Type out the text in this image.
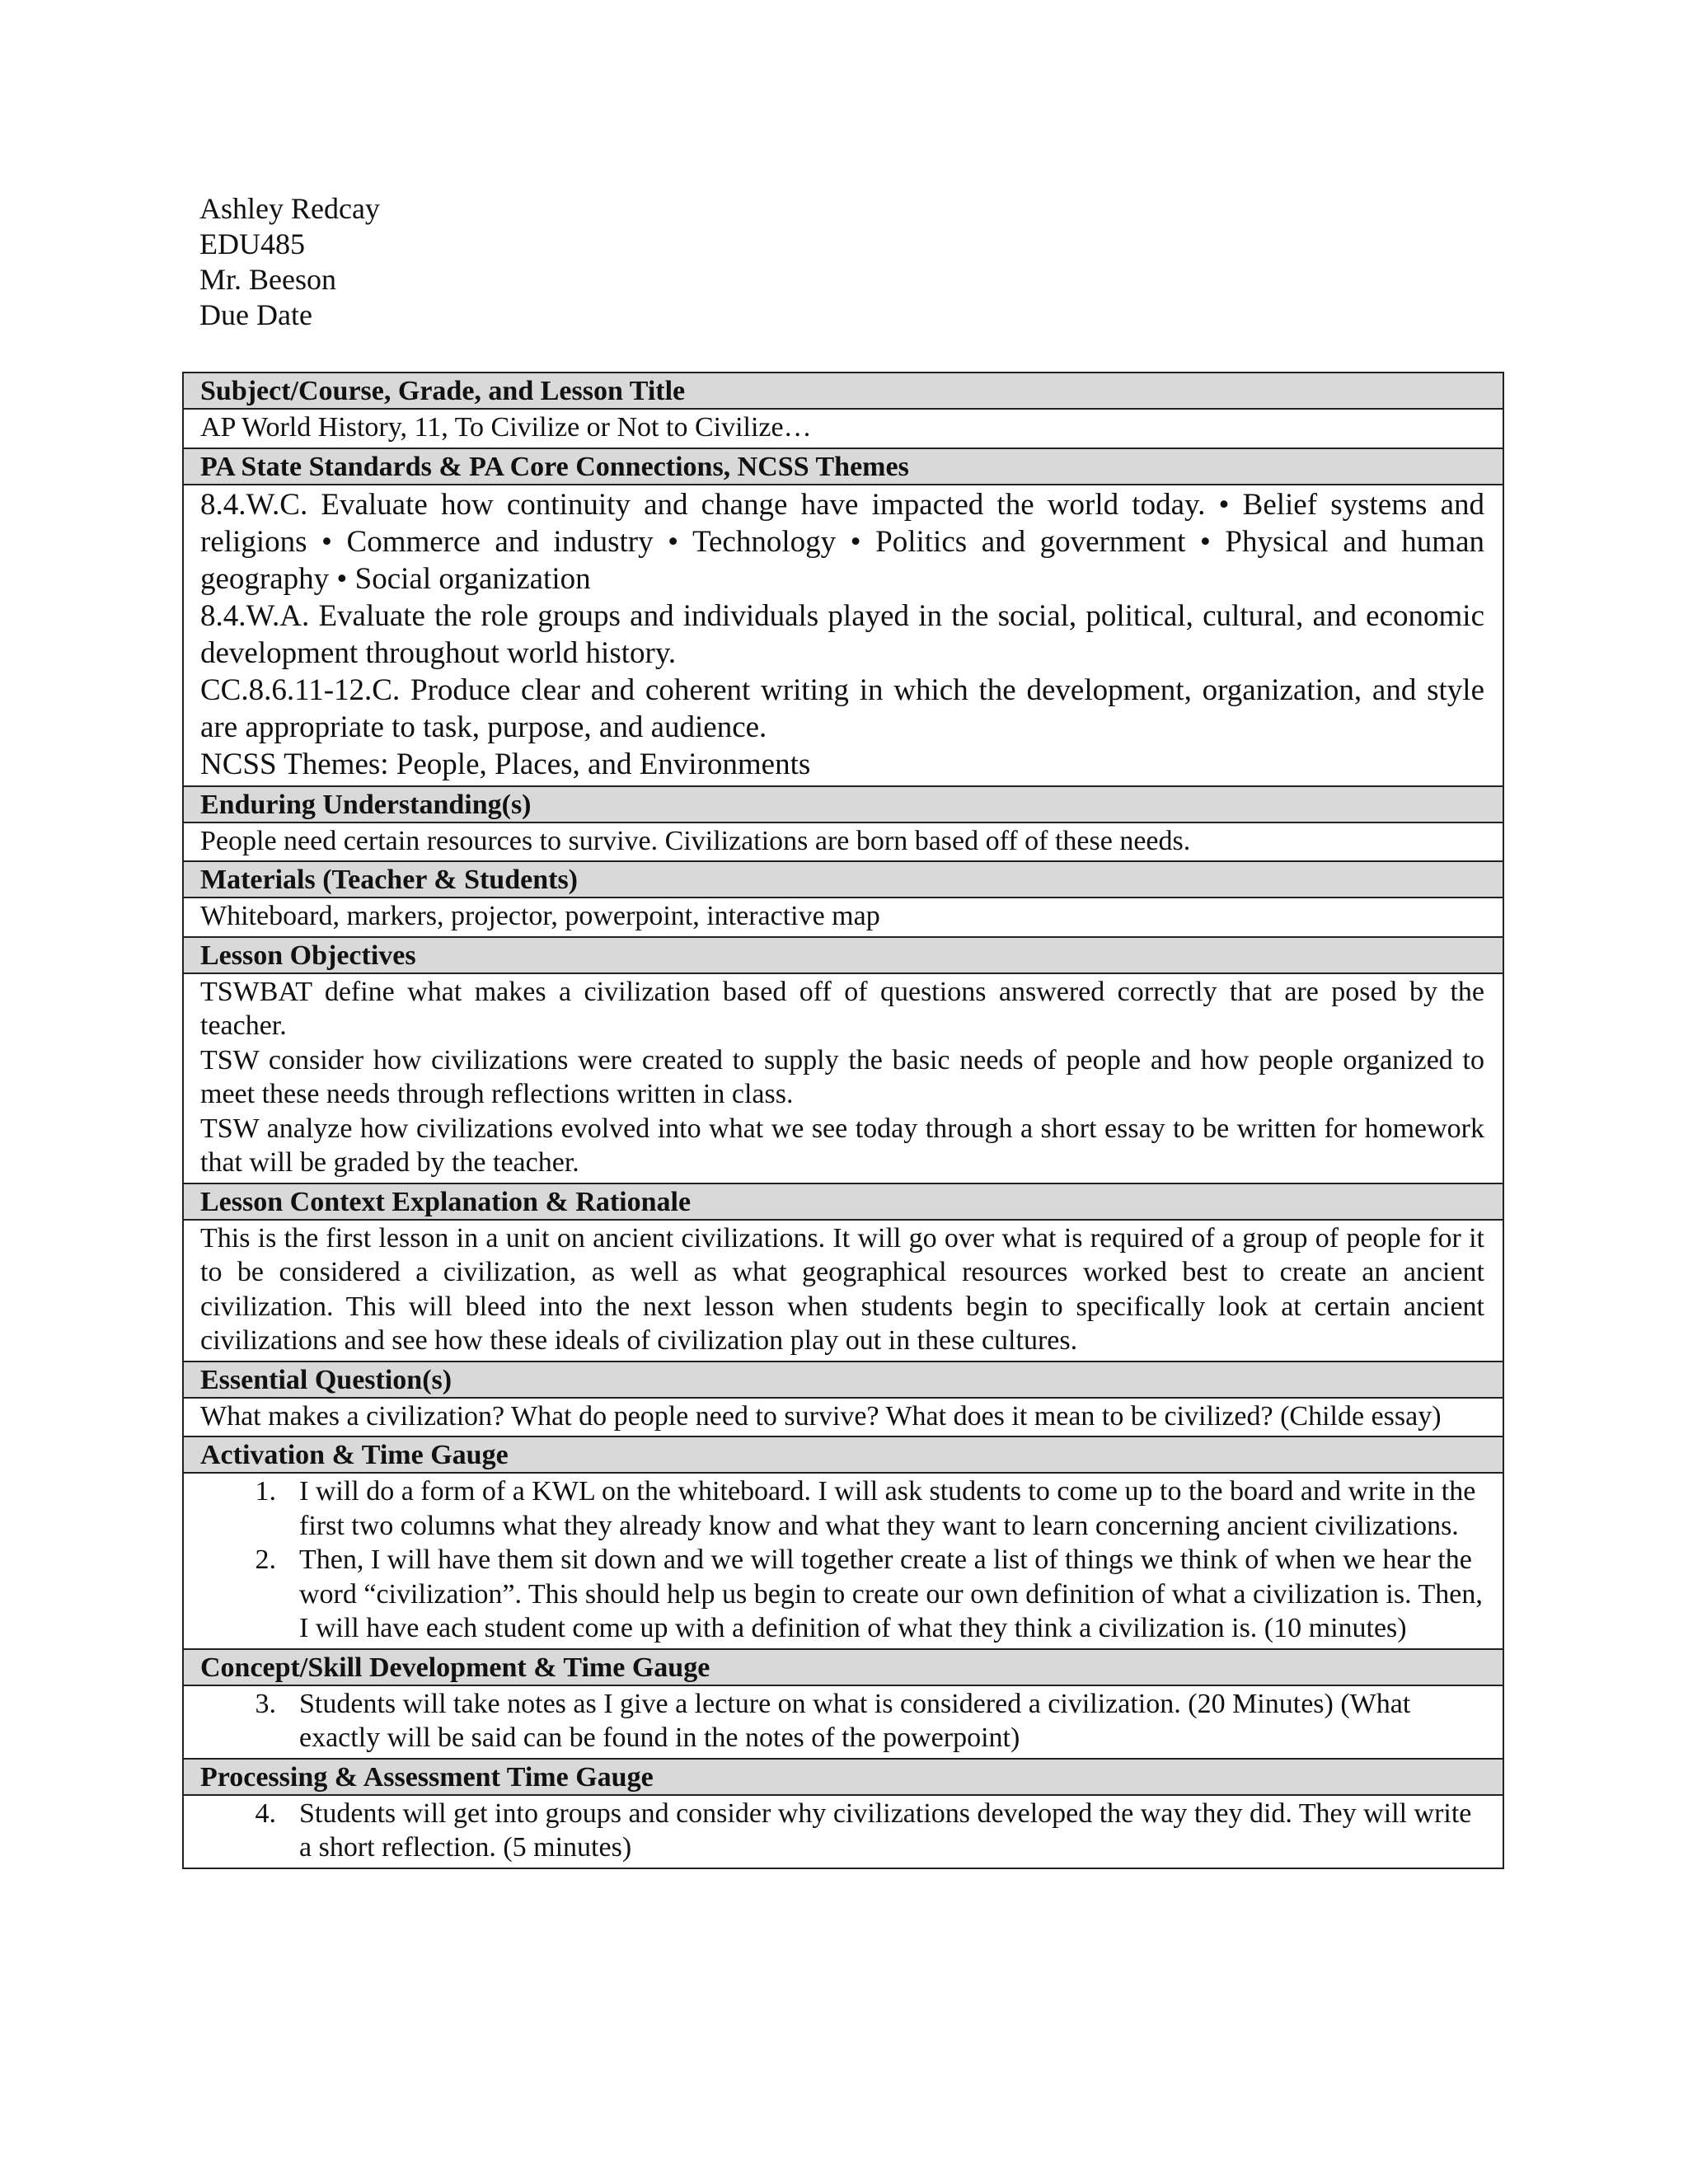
Ashley Redcay
EDU485
Mr. Beeson
Due Date
Subject/Course, Grade, and Lesson Title

AP World History, 11, To Civilize or Not to Civilize…

PA State Standards & PA Core Connections, NCSS Themes

8.4.W.C. Evaluate how continuity and change have impacted the world today. • Belief systems and religions • Commerce and industry • Technology • Politics and government • Physical and human geography • Social organization

8.4.W.A. Evaluate the role groups and individuals played in the social, political, cultural, and economic development throughout world history.

CC.8.6.11-12.C. Produce clear and coherent writing in which the development, organization, and style are appropriate to task, purpose, and audience.

NCSS Themes: People, Places, and Environments

Enduring Understanding(s)

People need certain resources to survive. Civilizations are born based off of these needs.

Materials (Teacher & Students)

Whiteboard, markers, projector, powerpoint, interactive map

Lesson Objectives

TSWBAT define what makes a civilization based off of questions answered correctly that are posed by the teacher.

TSW consider how civilizations were created to supply the basic needs of people and how people organized to meet these needs through reflections written in class.

TSW analyze how civilizations evolved into what we see today through a short essay to be written for homework that will be graded by the teacher.

Lesson Context Explanation & Rationale

This is the first lesson in a unit on ancient civilizations. It will go over what is required of a group of people for it to be considered a civilization, as well as what geographical resources worked best to create an ancient civilization. This will bleed into the next lesson when students begin to specifically look at certain ancient civilizations and see how these ideals of civilization play out in these cultures.

Essential Question(s)

What makes a civilization? What do people need to survive? What does it mean to be civilized? (Childe essay)

Activation & Time Gauge
1. I will do a form of a KWL on the whiteboard. I will ask students to come up to the board and write in the first two columns what they already know and what they want to learn concerning ancient civilizations.
2. Then, I will have them sit down and we will together create a list of things we think of when we hear the word “civilization”. This should help us begin to create our own definition of what a civilization is. Then, I will have each student come up with a definition of what they think a civilization is. (10 minutes)
Concept/Skill Development & Time Gauge
3. Students will take notes as I give a lecture on what is considered a civilization. (20 Minutes) (What exactly will be said can be found in the notes of the powerpoint)
Processing & Assessment Time Gauge
4. Students will get into groups and consider why civilizations developed the way they did. They will write a short reflection. (5 minutes)
